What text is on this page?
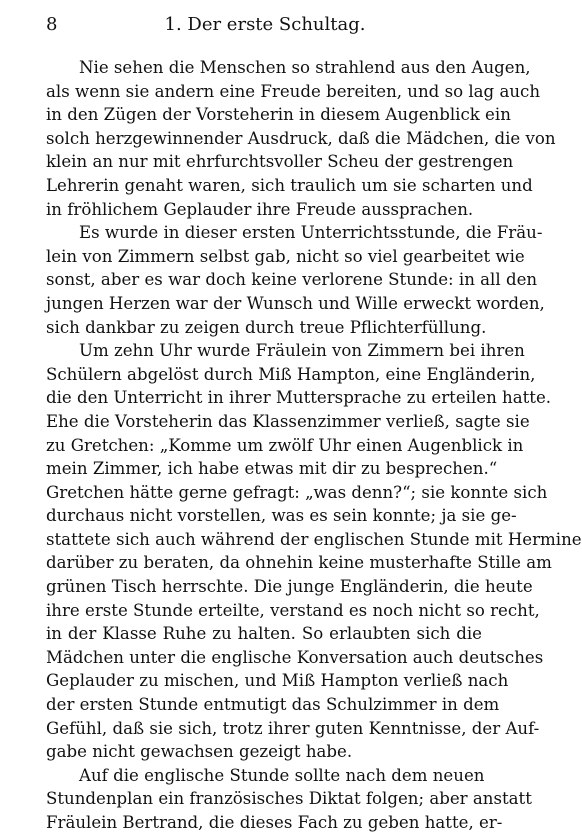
8	1. Der erste Schultag.
Nie sehen die Menschen so strahlend aus den Augen,
als wenn sie andern eine Freude bereiten, und so lag auch
in den Zügen der Vorsteherin in diesem Augenblick ein
solch herzgewinnender Ausdruck, daß die Mädchen, die von
klein an nur mit ehrfurchtsvoller Scheu der gestrengen
Lehrerin genaht waren, sich traulich um sie scharten und
in fröhlichem Geplauder ihre Freude aussprachen.
Es wurde in dieser ersten Unterrichtsstunde, die Fräu-
lein von Zimmern selbst gab, nicht so viel gearbeitet wie
sonst, aber es war doch keine verlorene Stunde: in all den
jungen Herzen war der Wunsch und Wille erweckt worden,
sich dankbar zu zeigen durch treue Pflichterfüllung.
Um zehn Uhr wurde Fräulein von Zimmern bei ihren
Schülern abgelöst durch Miß Hampton, eine Engländerin,
die den Unterricht in ihrer Muttersprache zu erteilen hatte.
Ehe die Vorsteherin das Klassenzimmer verließ, sagte sie
zu Gretchen: „Komme um zwölf Uhr einen Augenblick in
mein Zimmer, ich habe etwas mit dir zu besprechen.“
Gretchen hätte gerne gefragt: „was denn?“; sie konnte sich
durchaus nicht vorstellen, was es sein konnte; ja sie ge-
stattete sich auch während der englischen Stunde mit Hermine
darüber zu beraten, da ohnehin keine musterhafte Stille am
grünen Tisch herrschte. Die junge Engländerin, die heute
ihre erste Stunde erteilte, verstand es noch nicht so recht,
in der Klasse Ruhe zu halten. So erlaubten sich die
Mädchen unter die englische Konversation auch deutsches
Geplauder zu mischen, und Miß Hampton verließ nach
der ersten Stunde entmutigt das Schulzimmer in dem
Gefühl, daß sie sich, trotz ihrer guten Kenntnisse, der Auf-
gabe nicht gewachsen gezeigt habe.
Auf die englische Stunde sollte nach dem neuen
Stundenplan ein französisches Diktat folgen; aber anstatt
Fräulein Bertrand, die dieses Fach zu geben hatte, er-
